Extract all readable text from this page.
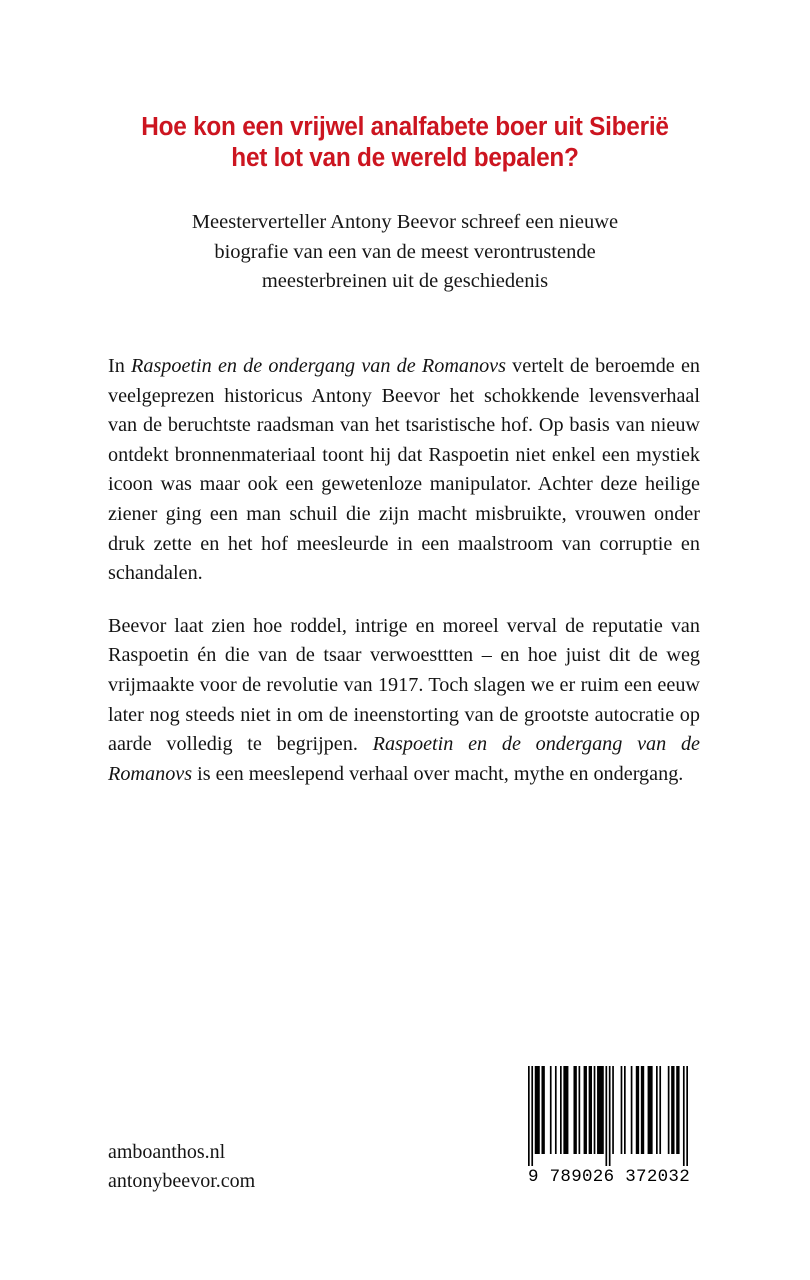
Hoe kon een vrijwel analfabete boer uit Siberië
het lot van de wereld bepalen?
Meesterverteller Antony Beevor schreef een nieuwe
biografie van een van de meest verontrustende
meesterbreinen uit de geschiedenis

In Raspoetin en de ondergang van de Romanovs vertelt de beroemde en veelgeprezen historicus Antony Beevor het schokkende levensverhaal van de beruchtste raadsman van het tsaristische hof. Op basis van nieuw ontdekt bronnenmateriaal toont hij dat Raspoetin niet enkel een mystiek icoon was maar ook een gewetenloze manipulator. Achter deze heilige ziener ging een man schuil die zijn macht misbruikte, vrouwen onder druk zette en het hof meesleurde in een maalstroom van corruptie en schandalen.

Beevor laat zien hoe roddel, intrige en moreel verval de reputatie van Raspoetin én die van de tsaar verwoesttten – en hoe juist dit de weg vrijmaakte voor de revolutie van 1917. Toch slagen we er ruim een eeuw later nog steeds niet in om de ineenstorting van de grootste autocratie op aarde volledig te begrijpen. Raspoetin en de ondergang van de Romanovs is een meeslepend verhaal over macht, mythe en ondergang.

amboanthos.nl
antonybeevor.com	9 789026 372032
